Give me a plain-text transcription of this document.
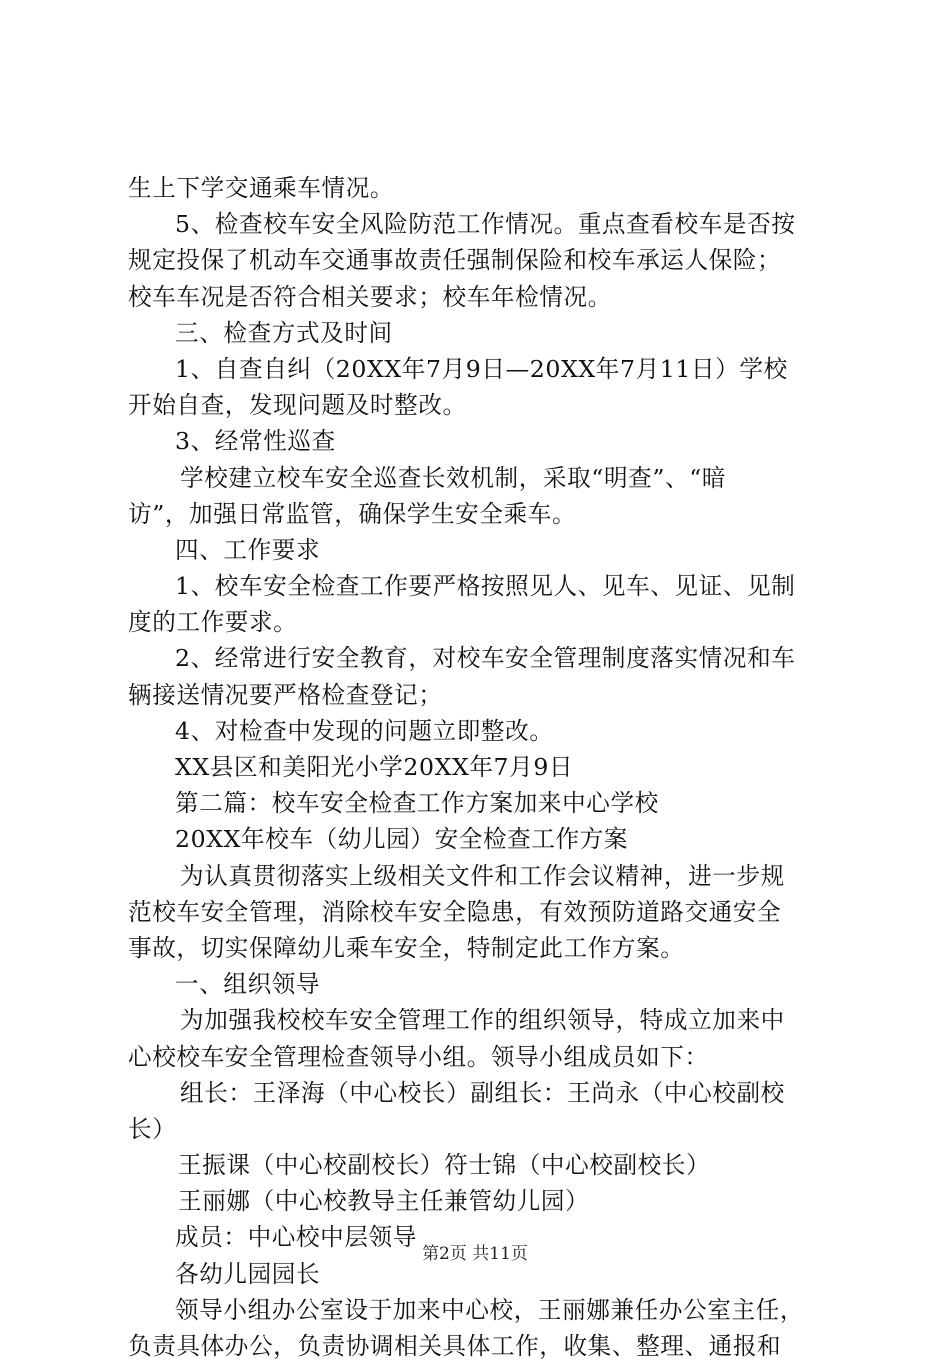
生上下学交通乘车情况。
5、检查校车安全风险防范工作情况。重点查看校车是否按
规定投保了机动车交通事故责任强制保险和校车承运人保险；
校车车况是否符合相关要求；校车年检情况。
三、检查方式及时间
1、自查自纠（20XX年7月9日—20XX年7月11日）学校
开始自查，发现问题及时整改。
3、经常性巡查
学校建立校车安全巡查长效机制，采取“明查”、“暗
访”，加强日常监管，确保学生安全乘车。
四、工作要求
1、校车安全检查工作要严格按照见人、见车、见证、见制
度的工作要求。
2、经常进行安全教育，对校车安全管理制度落实情况和车
辆接送情况要严格检查登记；
4、对检查中发现的问题立即整改。
XX县区和美阳光小学20XX年7月9日
第二篇：校车安全检查工作方案加来中心学校
20XX年校车（幼儿园）安全检查工作方案
为认真贯彻落实上级相关文件和工作会议精神，进一步规
范校车安全管理，消除校车安全隐患，有效预防道路交通安全
事故，切实保障幼儿乘车安全，特制定此工作方案。
一、组织领导
为加强我校校车安全管理工作的组织领导，特成立加来中
心校校车安全管理检查领导小组。领导小组成员如下：
组长：王泽海（中心校长）副组长：王尚永（中心校副校
长）
王振课（中心校副校长）符士锦（中心校副校长）
王丽娜（中心校教导主任兼管幼儿园）
成员：中心校中层领导
各幼儿园园长
领导小组办公室设于加来中心校，王丽娜兼任办公室主任，
负责具体办公，负责协调相关具体工作，收集、整理、通报和
第2页 共11页
